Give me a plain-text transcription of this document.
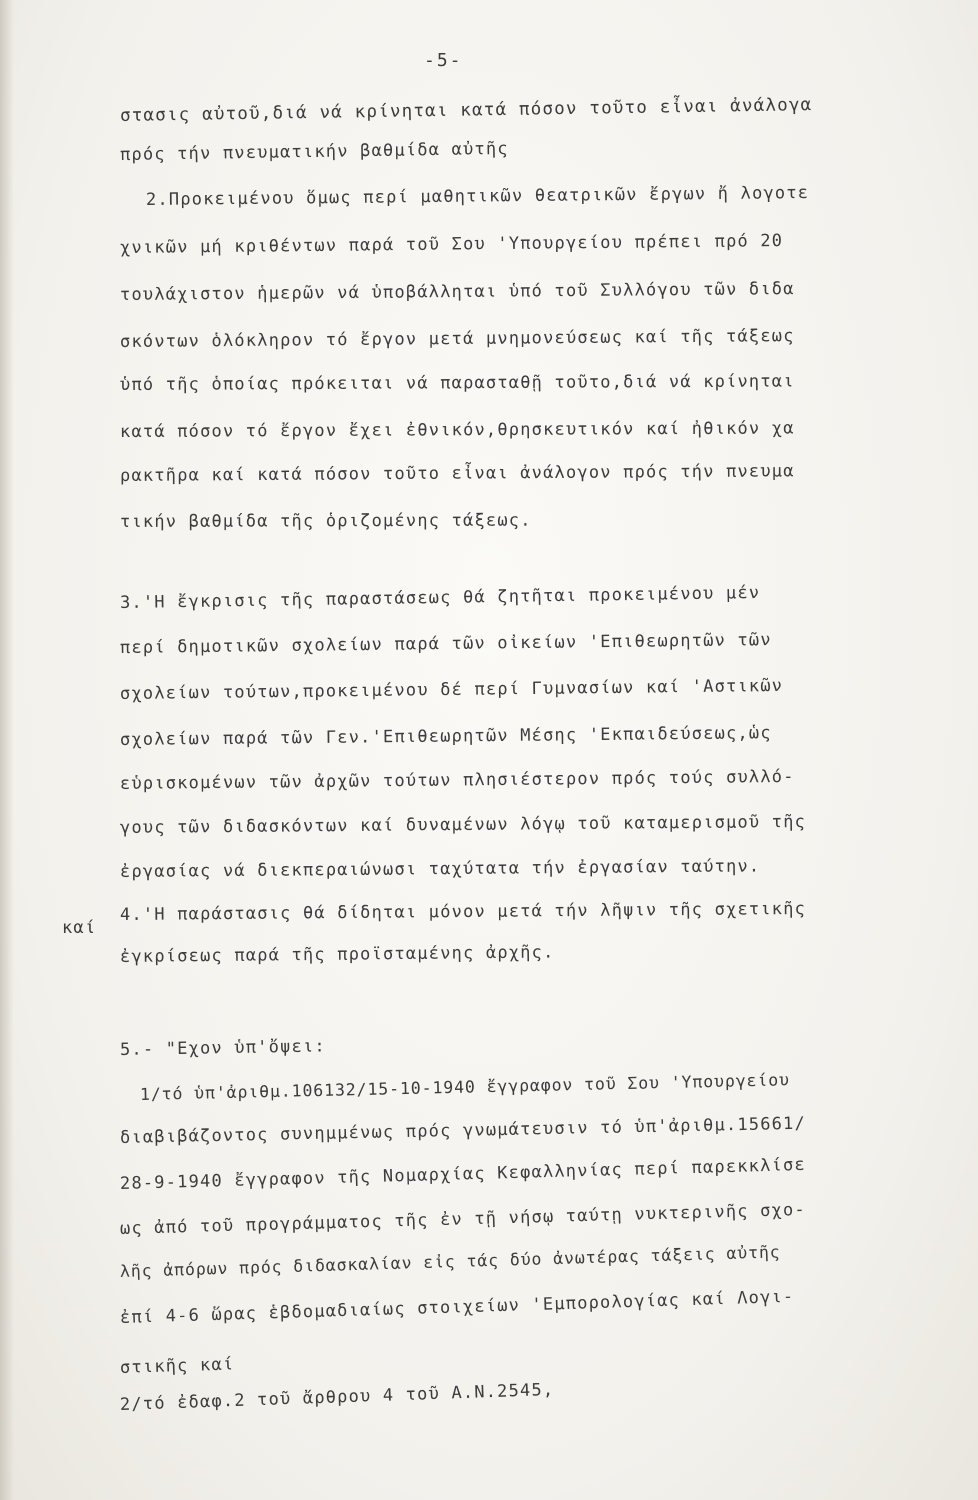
-5-
καί
στασις αὐτοῦ,διά νά κρίνηται κατά πόσον τοῦτο εἶναι ἀνάλογα
πρός τήν πνευματικήν βαθμίδα αὐτῆς
2.Προκειμένου ὅμως περί μαθητικῶν θεατρικῶν ἔργων ἤ λογοτε
χνικῶν μή κριθέντων παρά τοῦ Σου 'Υπουργείου πρέπει πρό 20
τουλάχιστον ἡμερῶν νά ὑποβάλληται ὑπό τοῦ Συλλόγου τῶν διδα
σκόντων ὁλόκληρον τό ἔργον μετά μνημονεύσεως καί τῆς τάξεως
ὑπό τῆς ὁποίας πρόκειται νά παρασταθῇ τοῦτο,διά νά κρίνηται
κατά πόσον τό ἔργον ἔχει ἐθνικόν,θρησκευτικόν καί ἠθικόν χα
ρακτῆρα καί κατά πόσον τοῦτο εἶναι ἀνάλογον πρός τήν πνευμα
τικήν βαθμίδα τῆς ὁριζομένης τάξεως.
3.'Η ἔγκρισις τῆς παραστάσεως θά ζητῆται προκειμένου μέν
περί δημοτικῶν σχολείων παρά τῶν οἰκείων 'Επιθεωρητῶν τῶν
σχολείων τούτων,προκειμένου δέ περί Γυμνασίων καί 'Αστικῶν
σχολείων παρά τῶν Γεν.'Επιθεωρητῶν Μέσης 'Εκπαιδεύσεως,ὡς
εὑρισκομένων τῶν ἀρχῶν τούτων πλησιέστερον πρός τούς συλλό-
γους τῶν διδασκόντων καί δυναμένων λόγῳ τοῦ καταμερισμοῦ τῆς
ἐργασίας νά διεκπεραιώνωσι ταχύτατα τήν ἐργασίαν ταύτην.
4.'Η παράστασις θά δίδηται μόνον μετά τήν λῆψιν τῆς σχετικῆς
ἐγκρίσεως παρά τῆς προϊσταμένης ἀρχῆς.
5.- "Εχον ὑπ'ὄψει:
1/τό ὑπ'ἀριθμ.106132/15-10-1940 ἔγγραφον τοῦ Σου 'Υπουργείου
διαβιβάζοντος συνημμένως πρός γνωμάτευσιν τό ὑπ'ἀριθμ.15661/
28-9-1940 ἔγγραφον τῆς Νομαρχίας Κεφαλληνίας περί παρεκκλίσε
ως ἀπό τοῦ προγράμματος τῆς ἐν τῇ νήσῳ ταύτῃ νυκτερινῆς σχο-
λῆς ἀπόρων πρός διδασκαλίαν εἰς τάς δύο ἀνωτέρας τάξεις αὐτῆς
ἐπί 4-6 ὥρας ἑβδομαδιαίως στοιχείων 'Εμπορολογίας καί Λογι-
στικῆς καί
2/τό ἐδαφ.2 τοῦ ἄρθρου 4 τοῦ Α.Ν.2545,
